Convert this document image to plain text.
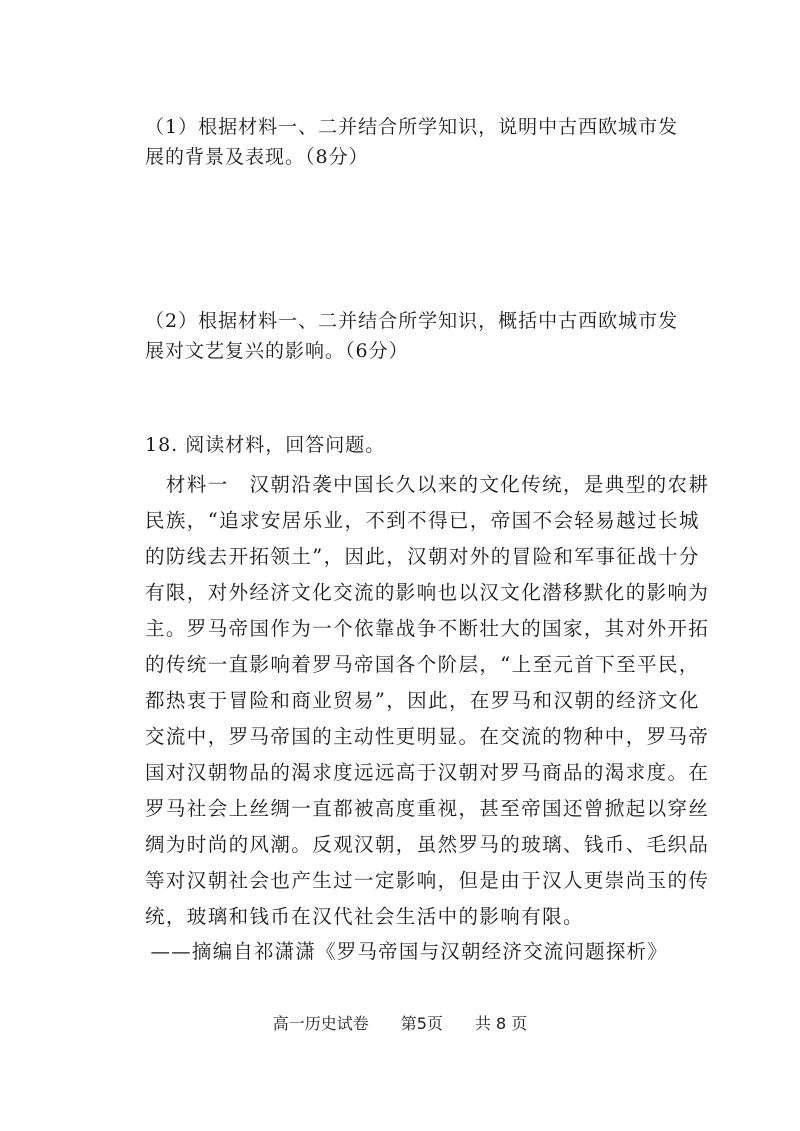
（1）根据材料一、二并结合所学知识，说明中古西欧城市发展的背景及表现。（8分）
（2）根据材料一、二并结合所学知识，概括中古西欧城市发展对文艺复兴的影响。（6分）
18. 阅读材料，回答问题。
　材料一　汉朝沿袭中国长久以来的文化传统，是典型的农耕
民族，“追求安居乐业，不到不得已，帝国不会轻易越过长城
的防线去开拓领土”，因此，汉朝对外的冒险和军事征战十分
有限，对外经济文化交流的影响也以汉文化潜移默化的影响为
主。罗马帝国作为一个依靠战争不断壮大的国家，其对外开拓
的传统一直影响着罗马帝国各个阶层，“上至元首下至平民，
都热衷于冒险和商业贸易”，因此，在罗马和汉朝的经济文化
交流中，罗马帝国的主动性更明显。在交流的物种中，罗马帝
国对汉朝物品的渴求度远远高于汉朝对罗马商品的渴求度。在
罗马社会上丝绸一直都被高度重视，甚至帝国还曾掀起以穿丝
绸为时尚的风潮。反观汉朝，虽然罗马的玻璃、钱币、毛织品
等对汉朝社会也产生过一定影响，但是由于汉人更崇尚玉的传
统，玻璃和钱币在汉代社会生活中的影响有限。
——摘编自祁潇潇《罗马帝国与汉朝经济交流问题探析》
高一历史试卷　　第5页　　共 8 页
